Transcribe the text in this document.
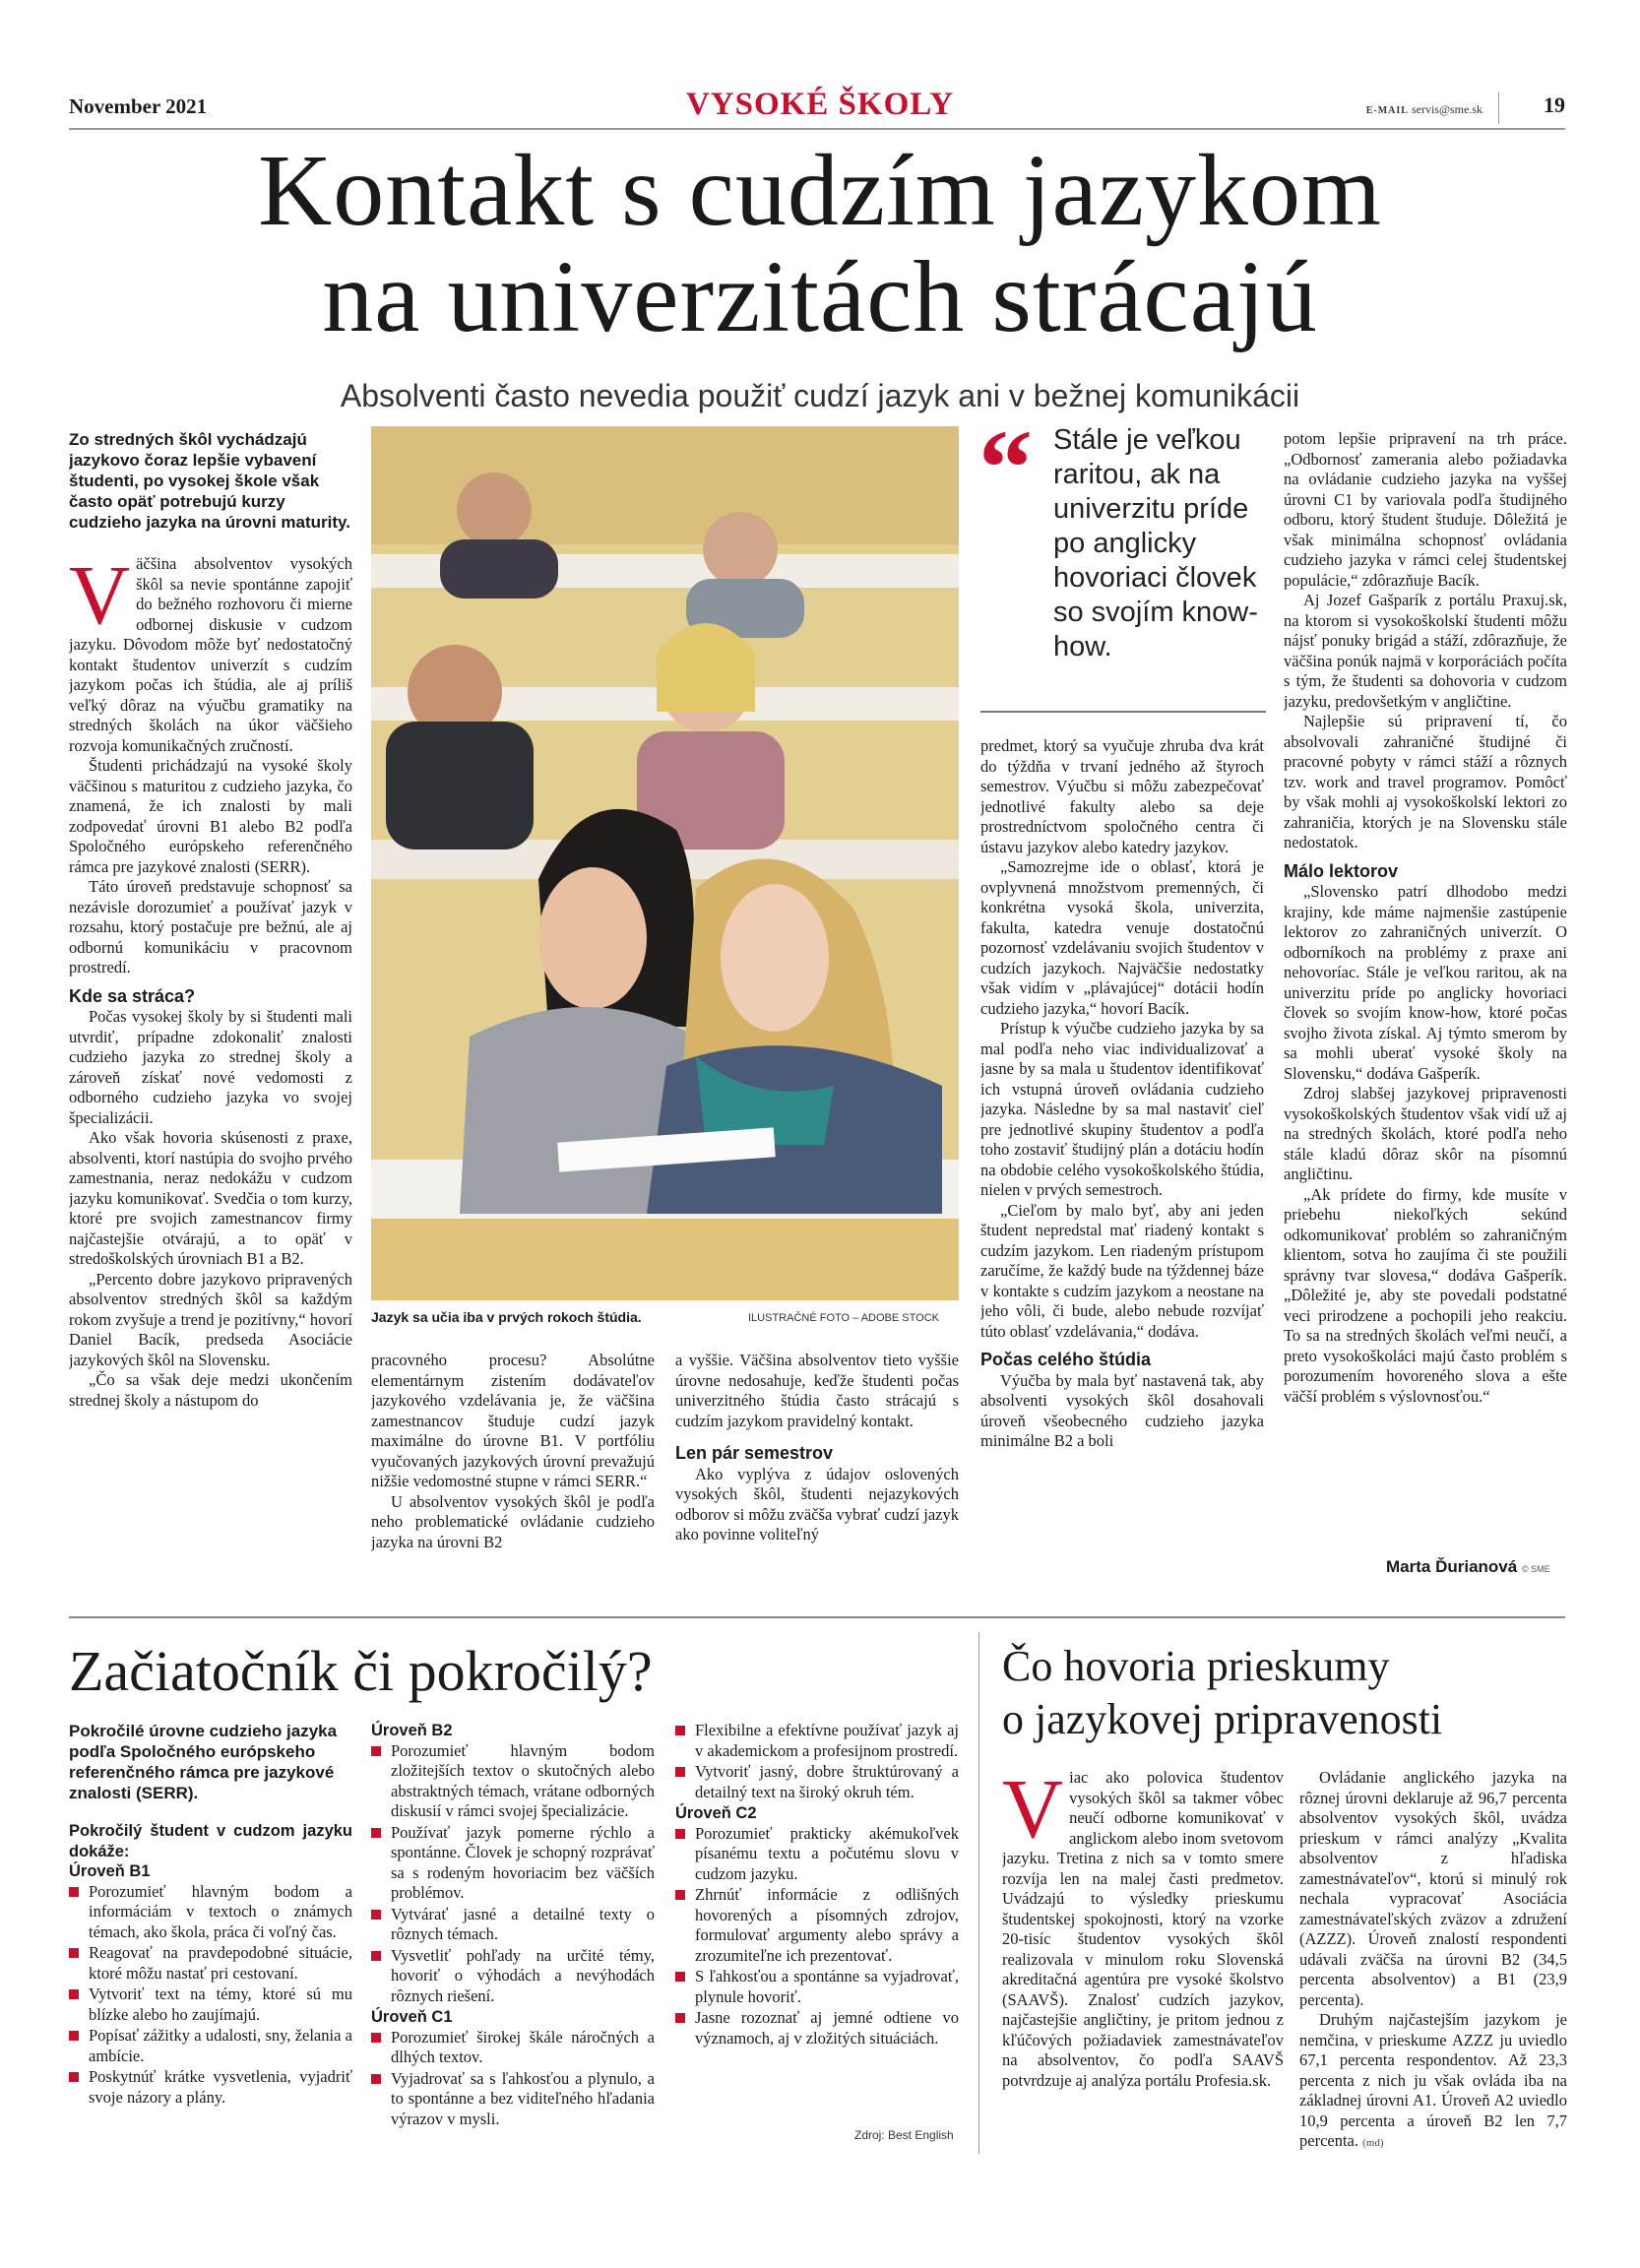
November 2021	VYSOKÉ ŠKOLY	E-MAIL servis@sme.sk	19
Kontakt s cudzím jazykom
na univerzitách strácajú
Absolventi často nevedia použiť cudzí jazyk ani v bežnej komunikácii

Zo stredných škôl vychádzajú jazykovo čoraz lepšie vybavení študenti, po vysokej škole však často opäť potrebujú kurzy cudzieho jazyka na úrovni maturity.

Väčšina absolventov vysokých škôl sa nevie spontánne zapojiť do bežného rozhovoru či mierne odbornej diskusie v cudzom jazyku. Dôvodom môže byť nedostatočný kontakt študentov univerzít s cudzím jazykom počas ich štúdia, ale aj príliš veľký dôraz na výučbu gramatiky na stredných školách na úkor väčšieho rozvoja komunikačných zručností.

Študenti prichádzajú na vysoké školy väčšinou s maturitou z cudzieho jazyka, čo znamená, že ich znalosti by mali zodpovedať úrovni B1 alebo B2 podľa Spoločného európskeho referenčného rámca pre jazykové znalosti (SERR).

Táto úroveň predstavuje schopnosť sa nezávisle dorozumieť a používať jazyk v rozsahu, ktorý postačuje pre bežnú, ale aj odbornú komunikáciu v pracovnom prostredí.

Kde sa stráca?

Počas vysokej školy by si študenti mali utvrdiť, prípadne zdokonaliť znalosti cudzieho jazyka zo strednej školy a zároveň získať nové vedomosti z odborného cudzieho jazyka vo svojej špecializácii.

Ako však hovoria skúsenosti z praxe, absolventi, ktorí nastúpia do svojho prvého zamestnania, neraz nedokážu v cudzom jazyku komunikovať. Svedčia o tom kurzy, ktoré pre svojich zamestnancov firmy najčastejšie otvárajú, a to opäť v stredoškolských úrovniach B1 a B2.

„Percento dobre jazykovo pripravených absolventov stredných škôl sa každým rokom zvyšuje a trend je pozitívny,“ hovorí Daniel Bacík, predseda Asociácie jazykových škôl na Slovensku.

„Čo sa však deje medzi ukončením strednej školy a nástupom do

Jazyk sa učia iba v prvých rokoch štúdia.	ILUSTRAČNÉ FOTO – ADOBE STOCK

pracovného procesu? Absolútne elementárnym zistením dodávateľov jazykového vzdelávania je, že väčšina zamestnancov študuje cudzí jazyk maximálne do úrovne B1. V portfóliu vyučovaných jazykových úrovní prevažujú nižšie vedomostné stupne v rámci SERR.“

U absolventov vysokých škôl je podľa neho problematické ovládanie cudzieho jazyka na úrovni B2

a vyššie. Väčšina absolventov tieto vyššie úrovne nedosahuje, keďže študenti počas univerzitného štúdia často strácajú s cudzím jazykom pravidelný kontakt.

Len pár semestrov

Ako vyplýva z údajov oslovených vysokých škôl, študenti nejazykových odborov si môžu zväčša vybrať cudzí jazyk ako povinne voliteľný

“ Stále je veľkou raritou, ak na univerzitu príde po anglicky hovoriaci človek so svojím know-how.

predmet, ktorý sa vyučuje zhruba dva krát do týždňa v trvaní jedného až štyroch semestrov. Výučbu si môžu zabezpečovať jednotlivé fakulty alebo sa deje prostredníctvom spoločného centra či ústavu jazykov alebo katedry jazykov.

„Samozrejme ide o oblasť, ktorá je ovplyvnená množstvom premenných, či konkrétna vysoká škola, univerzita, fakulta, katedra venuje dostatočnú pozornosť vzdelávaniu svojich študentov v cudzích jazykoch. Najväčšie nedostatky však vidím v „plávajúcej“ dotácii hodín cudzieho jazyka,“ hovorí Bacík.

Prístup k výučbe cudzieho jazyka by sa mal podľa neho viac individualizovať a jasne by sa mala u študentov identifikovať ich vstupná úroveň ovládania cudzieho jazyka. Následne by sa mal nastaviť cieľ pre jednotlivé skupiny študentov a podľa toho zostaviť študijný plán a dotáciu hodín na obdobie celého vysokoškolského štúdia, nielen v prvých semestroch.

„Cieľom by malo byť, aby ani jeden študent nepredstal mať riadený kontakt s cudzím jazykom. Len riadeným prístupom zaručíme, že každý bude na týždennej báze v kontakte s cudzím jazykom a neostane na jeho vôli, či bude, alebo nebude rozvíjať túto oblasť vzdelávania,“ dodáva.

Počas celého štúdia

Výučba by mala byť nastavená tak, aby absolventi vysokých škôl dosahovali úroveň všeobecného cudzieho jazyka minimálne B2 a boli

potom lepšie pripravení na trh práce. „Odbornosť zamerania alebo požiadavka na ovládanie cudzieho jazyka na vyššej úrovni C1 by variovala podľa študijného odboru, ktorý študent študuje. Dôležitá je však minimálna schopnosť ovládania cudzieho jazyka v rámci celej študentskej populácie,“ zdôrazňuje Bacík.

Aj Jozef Gašparík z portálu Praxuj.sk, na ktorom si vysokoškolskí študenti môžu nájsť ponuky brigád a stáží, zdôrazňuje, že väčšina ponúk najmä v korporáciách počíta s tým, že študenti sa dohovoria v cudzom jazyku, predovšetkým v angličtine.

Najlepšie sú pripravení tí, čo absolvovali zahraničné študijné či pracovné pobyty v rámci stáží a rôznych tzv. work and travel programov. Pomôcť by však mohli aj vysokoškolskí lektori zo zahraničia, ktorých je na Slovensku stále nedostatok.

Málo lektorov

„Slovensko patrí dlhodobo medzi krajiny, kde máme najmenšie zastúpenie lektorov zo zahraničných univerzít. O odborníkoch na problémy z praxe ani nehovoríac. Stále je veľkou raritou, ak na univerzitu príde po anglicky hovoriaci človek so svojím know-how, ktoré počas svojho života získal. Aj týmto smerom by sa mohli uberať vysoké školy na Slovensku,“ dodáva Gašperík.

Zdroj slabšej jazykovej pripravenosti vysokoškolských študentov však vidí už aj na stredných školách, ktoré podľa neho stále kladú dôraz skôr na písomnú angličtinu.

„Ak prídete do firmy, kde musíte v priebehu niekoľkých sekúnd odkomunikovať problém so zahraničným klientom, sotva ho zaujíma či ste použili správny tvar slovesa,“ dodáva Gašperík. „Dôležité je, aby ste povedali podstatné veci prirodzene a pochopili jeho reakciu. To sa na stredných školách veľmi neučí, a preto vysokoškoláci majú často problém s porozumením hovoreného slova a ešte väčší problém s výslovnosťou.“

Marta Ďurianová © SME
Začiatočník či pokročilý?

Pokročilé úrovne cudzieho jazyka podľa Spoločného európskeho referenčného rámca pre jazykové znalosti (SERR).

Pokročilý študent v cudzom jazyku dokáže:

Úroveň B1

Porozumieť hlavným bodom a informáciám v textoch o známych témach, ako škola, práca či voľný čas.
Reagovať na pravdepodobné situácie, ktoré môžu nastať pri cestovaní.
Vytvoriť text na témy, ktoré sú mu blízke alebo ho zaujímajú.
Popísať zážitky a udalosti, sny, želania a ambície.
Poskytnúť krátke vysvetlenia, vyjadriť svoje názory a plány.

Úroveň B2

Porozumieť hlavným bodom zložitejších textov o skutočných alebo abstraktných témach, vrátane odborných diskusií v rámci svojej špecializácie.
Používať jazyk pomerne rýchlo a spontánne. Človek je schopný rozprávať sa s rodeným hovoriacim bez väčších problémov.
Vytvárať jasné a detailné texty o rôznych témach.
Vysvetliť pohľady na určité témy, hovoriť o výhodách a nevýhodách rôznych riešení.

Úroveň C1

Porozumieť širokej škále náročných a dlhých textov.
Vyjadrovať sa s ľahkosťou a plynulo, a to spontánne a bez viditeľného hľadania výrazov v mysli.
Flexibilne a efektívne používať jazyk aj v akademickom a profesijnom prostredí.
Vytvoriť jasný, dobre štruktúrovaný a detailný text na široký okruh tém.

Úroveň C2

Porozumieť prakticky akémukoľvek písanému textu a počutému slovu v cudzom jazyku.
Zhrnúť informácie z odlišných hovorených a písomných zdrojov, formulovať argumenty alebo správy a zrozumiteľne ich prezentovať.
S ľahkosťou a spontánne sa vyjadrovať, plynule hovoriť.
Jasne rozoznať aj jemné odtiene vo významoch, aj v zložitých situáciách.
Zdroj: Best English
Čo hovoria prieskumy
o jazykovej pripravenosti

Viac ako polovica študentov vysokých škôl sa takmer vôbec neučí odborne komunikovať v anglickom alebo inom svetovom jazyku. Tretina z nich sa v tomto smere rozvíja len na malej časti predmetov. Uvádzajú to výsledky prieskumu študentskej spokojnosti, ktorý na vzorke 20-tisíc študentov vysokých škôl realizovala v minulom roku Slovenská akreditačná agentúra pre vysoké školstvo (SAAVŠ). Znalosť cudzích jazykov, najčastejšie angličtiny, je pritom jednou z kľúčových požiadaviek zamestnávateľov na absolventov, čo podľa SAAVŠ potvrdzuje aj analýza portálu Profesia.sk.

Ovládanie anglického jazyka na rôznej úrovni deklaruje až 96,7 percenta absolventov vysokých škôl, uvádza prieskum v rámci analýzy „Kvalita absolventov z hľadiska zamestnávateľov“, ktorú si minulý rok nechala vypracovať Asociácia zamestnávateľských zväzov a združení (AZZZ). Úroveň znalostí respondenti udávali zväčša na úrovni B2 (34,5 percenta absolventov) a B1 (23,9 percenta).

Druhým najčastejším jazykom je nemčina, v prieskume AZZZ ju uviedlo 67,1 percenta respondentov. Až 23,3 percenta z nich ju však ovláda iba na základnej úrovni A1. Úroveň A2 uviedlo 10,9 percenta a úroveň B2 len 7,7 percenta. (md)
